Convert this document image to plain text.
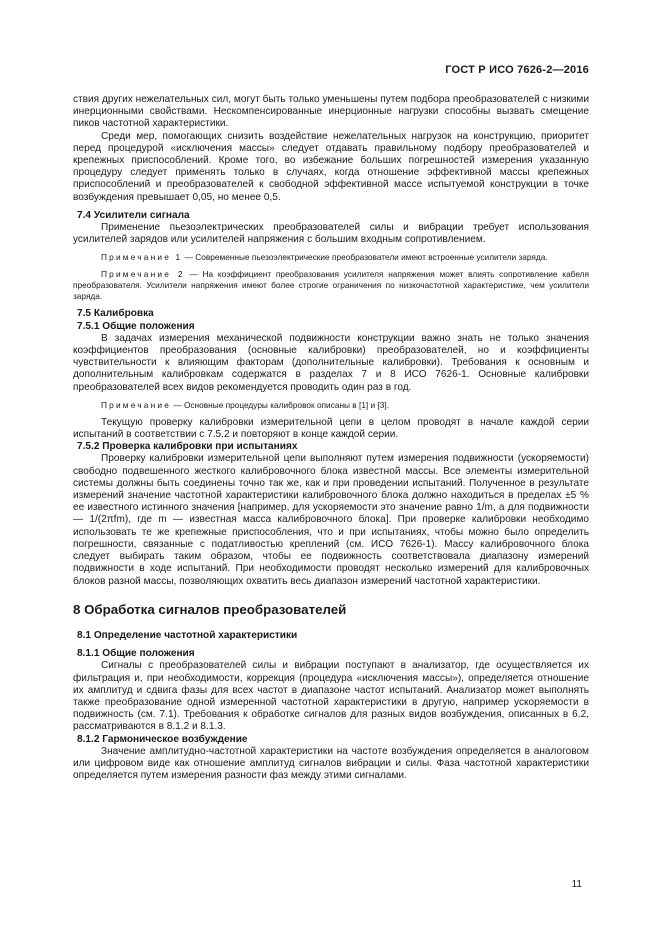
ГОСТ Р ИСО 7626-2—2016

ствия других нежелательных сил, могут быть только уменьшены путем подбора преобразователей с низкими инерционными свойствами. Нескомпенсированные инерционные нагрузки способны вызвать смещение пиков частотной характеристики.

Среди мер, помогающих снизить воздействие нежелательных нагрузок на конструкцию, приоритет перед процедурой «исключения массы» следует отдавать правильному подбору преобразователей и крепежных приспособлений. Кроме того, во избежание больших погрешностей измерения указанную процедуру следует применять только в случаях, когда отношение эффективной массы крепежных приспособлений и преобразователей к свободной эффективной массе испытуемой конструкции в точке возбуждения превышает 0,05, но менее 0,5.

7.4 Усилители сигнала

Применение пьезоэлектрических преобразователей силы и вибрации требует использования усилителей зарядов или усилителей напряжения с большим входным сопротивлением.

Примечание 1 — Современные пьезоэлектрические преобразователи имеют встроенные усилители заряда.

Примечание 2 — На коэффициент преобразования усилителя напряжения может влиять сопротивление кабеля преобразователя. Усилители напряжения имеют более строгие ограничения по низкочастотной характеристике, чем усилители заряда.

7.5 Калибровка

7.5.1 Общие положения

В задачах измерения механической подвижности конструкции важно знать не только значения коэффициентов преобразования (основные калибровки) преобразователей, но и коэффициенты чувствительности к влияющим факторам (дополнительные калибровки). Требования к основным и дополнительным калибровкам содержатся в разделах 7 и 8 ИСО 7626-1. Основные калибровки преобразователей всех видов рекомендуется проводить один раз в год.

Примечание — Основные процедуры калибровок описаны в [1] и [3].

Текущую проверку калибровки измерительной цепи в целом проводят в начале каждой серии испытаний в соответствии с 7.5.2 и повторяют в конце каждой серии.

7.5.2 Проверка калибровки при испытаниях

Проверку калибровки измерительной цепи выполняют путем измерения подвижности (ускоряемости) свободно подвешенного жесткого калибровочного блока известной массы. Все элементы измерительной системы должны быть соединены точно так же, как и при проведении испытаний. Полученное в результате измерений значение частотной характеристики калибровочного блока должно находиться в пределах ±5 % ее известного истинного значения [например, для ускоряемости это значение равно 1/m, а для подвижности — 1/(2πfm), где m — известная масса калибровочного блока]. При проверке калибровки необходимо использовать те же крепежные приспособления, что и при испытаниях, чтобы можно было определить погрешности, связанные с податливостью креплений (см. ИСО 7626-1). Массу калибровочного блока следует выбирать таким образом, чтобы ее подвижность соответствовала диапазону измерений подвижности в ходе испытаний. При необходимости проводят несколько измерений для калибровочных блоков разной массы, позволяющих охватить весь диапазон измерений частотной характеристики.

8 Обработка сигналов преобразователей

8.1 Определение частотной характеристики

8.1.1 Общие положения

Сигналы с преобразователей силы и вибрации поступают в анализатор, где осуществляется их фильтрация и, при необходимости, коррекция (процедура «исключения массы»), определяется отношение их амплитуд и сдвига фазы для всех частот в диапазоне частот испытаний. Анализатор может выполнять также преобразование одной измеренной частотной характеристики в другую, например ускоряемости в подвижность (см. 7.1). Требования к обработке сигналов для разных видов возбуждения, описанных в 6.2, рассматриваются в 8.1.2 и 8.1.3.

8.1.2 Гармоническое возбуждение

Значение амплитудно-частотной характеристики на частоте возбуждения определяется в аналоговом или цифровом виде как отношение амплитуд сигналов вибрации и силы. Фаза частотной характеристики определяется путем измерения разности фаз между этими сигналами.

11
